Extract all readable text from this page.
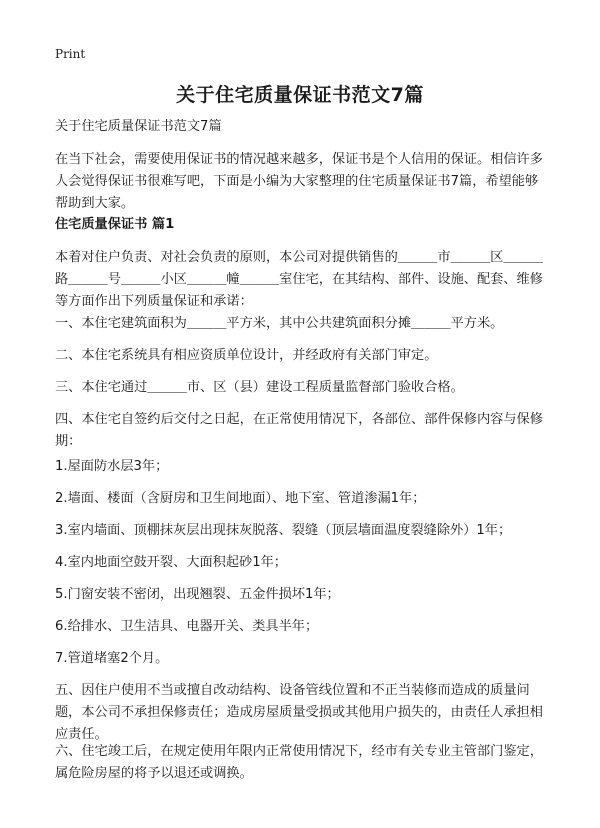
Print
关于住宅质量保证书范文7篇

关于住宅质量保证书范文7篇

在当下社会，需要使用保证书的情况越来越多，保证书是个人信用的保证。相信许多人会觉得保证书很难写吧，下面是小编为大家整理的住宅质量保证书7篇，希望能够帮助到大家。

住宅质量保证书 篇1

本着对住户负责、对社会负责的原则，本公司对提供销售的＿＿＿市＿＿＿区＿＿＿路＿＿＿号＿＿＿小区＿＿＿幢＿＿＿室住宅，在其结构、部件、设施、配套、维修等方面作出下列质量保证和承诺：

一、本住宅建筑面积为＿＿＿平方米，其中公共建筑面积分摊＿＿＿平方米。

二、本住宅系统具有相应资质单位设计，并经政府有关部门审定。

三、本住宅通过＿＿＿市、区（县）建设工程质量监督部门验收合格。

四、本住宅自签约后交付之日起，在正常使用情况下，各部位、部件保修内容与保修期：

1.屋面防水层3年；

2.墙面、楼面（含厨房和卫生间地面）、地下室、管道渗漏1年；

3.室内墙面、顶棚抹灰层出现抹灰脱落、裂缝（顶层墙面温度裂缝除外）1年；

4.室内地面空鼓开裂、大面积起砂1年；

5.门窗安装不密闭，出现翘裂、五金件损坏1年；

6.给排水、卫生洁具、电器开关、类具半年；

7.管道堵塞2个月。

五、因住户使用不当或擅自改动结构、设备管线位置和不正当装修而造成的质量问题，本公司不承担保修责任；造成房屋质量受损或其他用户损失的，由责任人承担相应责任。

六、住宅竣工后，在规定使用年限内正常使用情况下，经市有关专业主管部门鉴定，属危险房屋的将予以退还或调换。
